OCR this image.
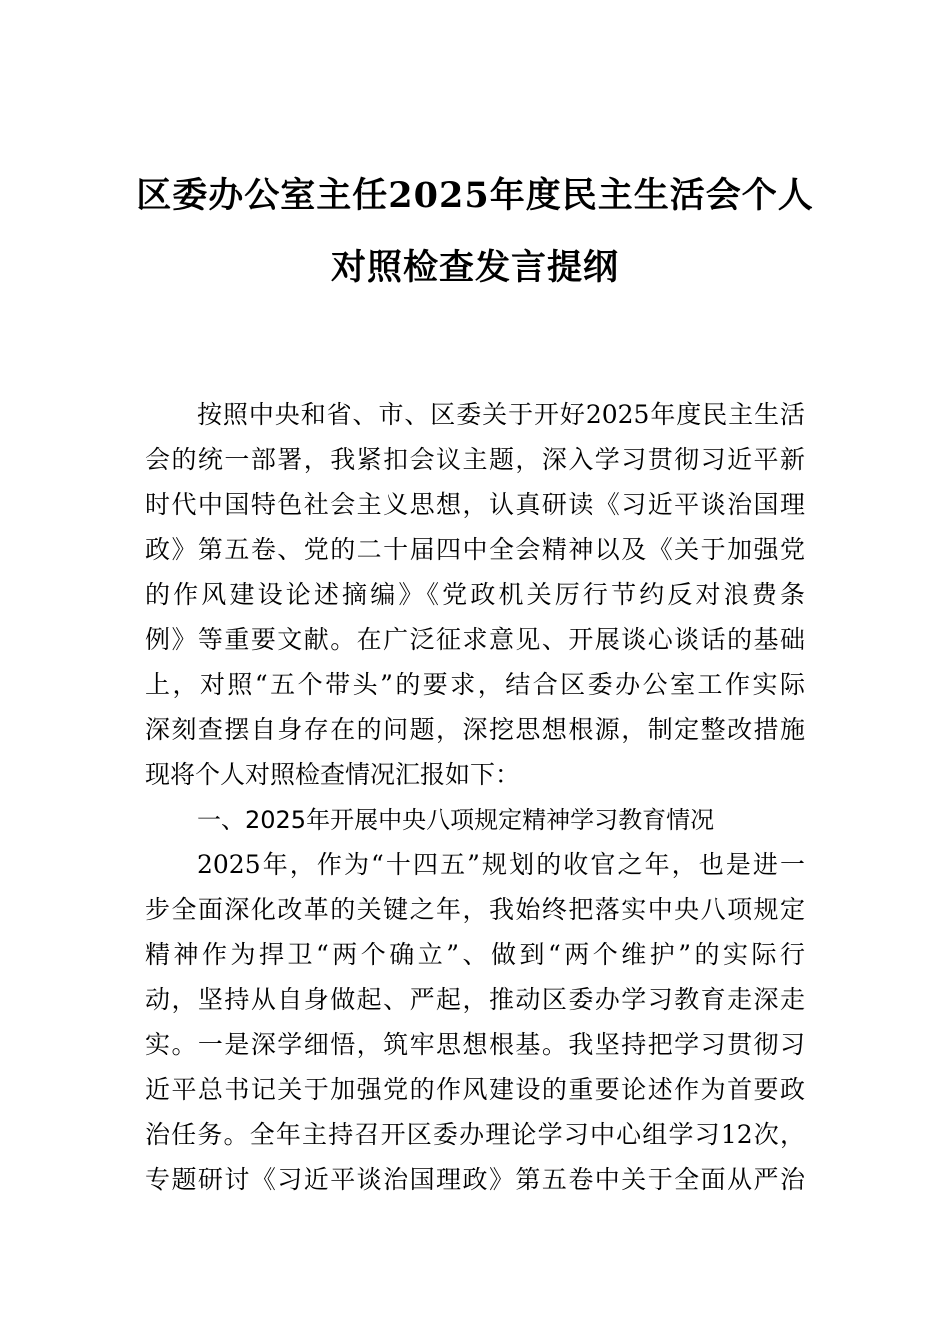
区委办公室主任2025年度民主生活会个人
对照检查发言提纲
按照中央和省、市、区委关于开好2025年度民主生活
会的统一部署，我紧扣会议主题，深入学习贯彻习近平新
时代中国特色社会主义思想，认真研读《习近平谈治国理
政》第五卷、党的二十届四中全会精神以及《关于加强党
的作风建设论述摘编》《党政机关厉行节约反对浪费条
例》等重要文献。在广泛征求意见、开展谈心谈话的基础
上，对照“五个带头”的要求，结合区委办公室工作实际
深刻查摆自身存在的问题，深挖思想根源，制定整改措施
现将个人对照检查情况汇报如下：
一、2025年开展中央八项规定精神学习教育情况
2025年，作为“十四五”规划的收官之年，也是进一
步全面深化改革的关键之年，我始终把落实中央八项规定
精神作为捍卫“两个确立”、做到“两个维护”的实际行
动，坚持从自身做起、严起，推动区委办学习教育走深走
实。一是深学细悟，筑牢思想根基。我坚持把学习贯彻习
近平总书记关于加强党的作风建设的重要论述作为首要政
治任务。全年主持召开区委办理论学习中心组学习12次，
专题研讨《习近平谈治国理政》第五卷中关于全面从严治
